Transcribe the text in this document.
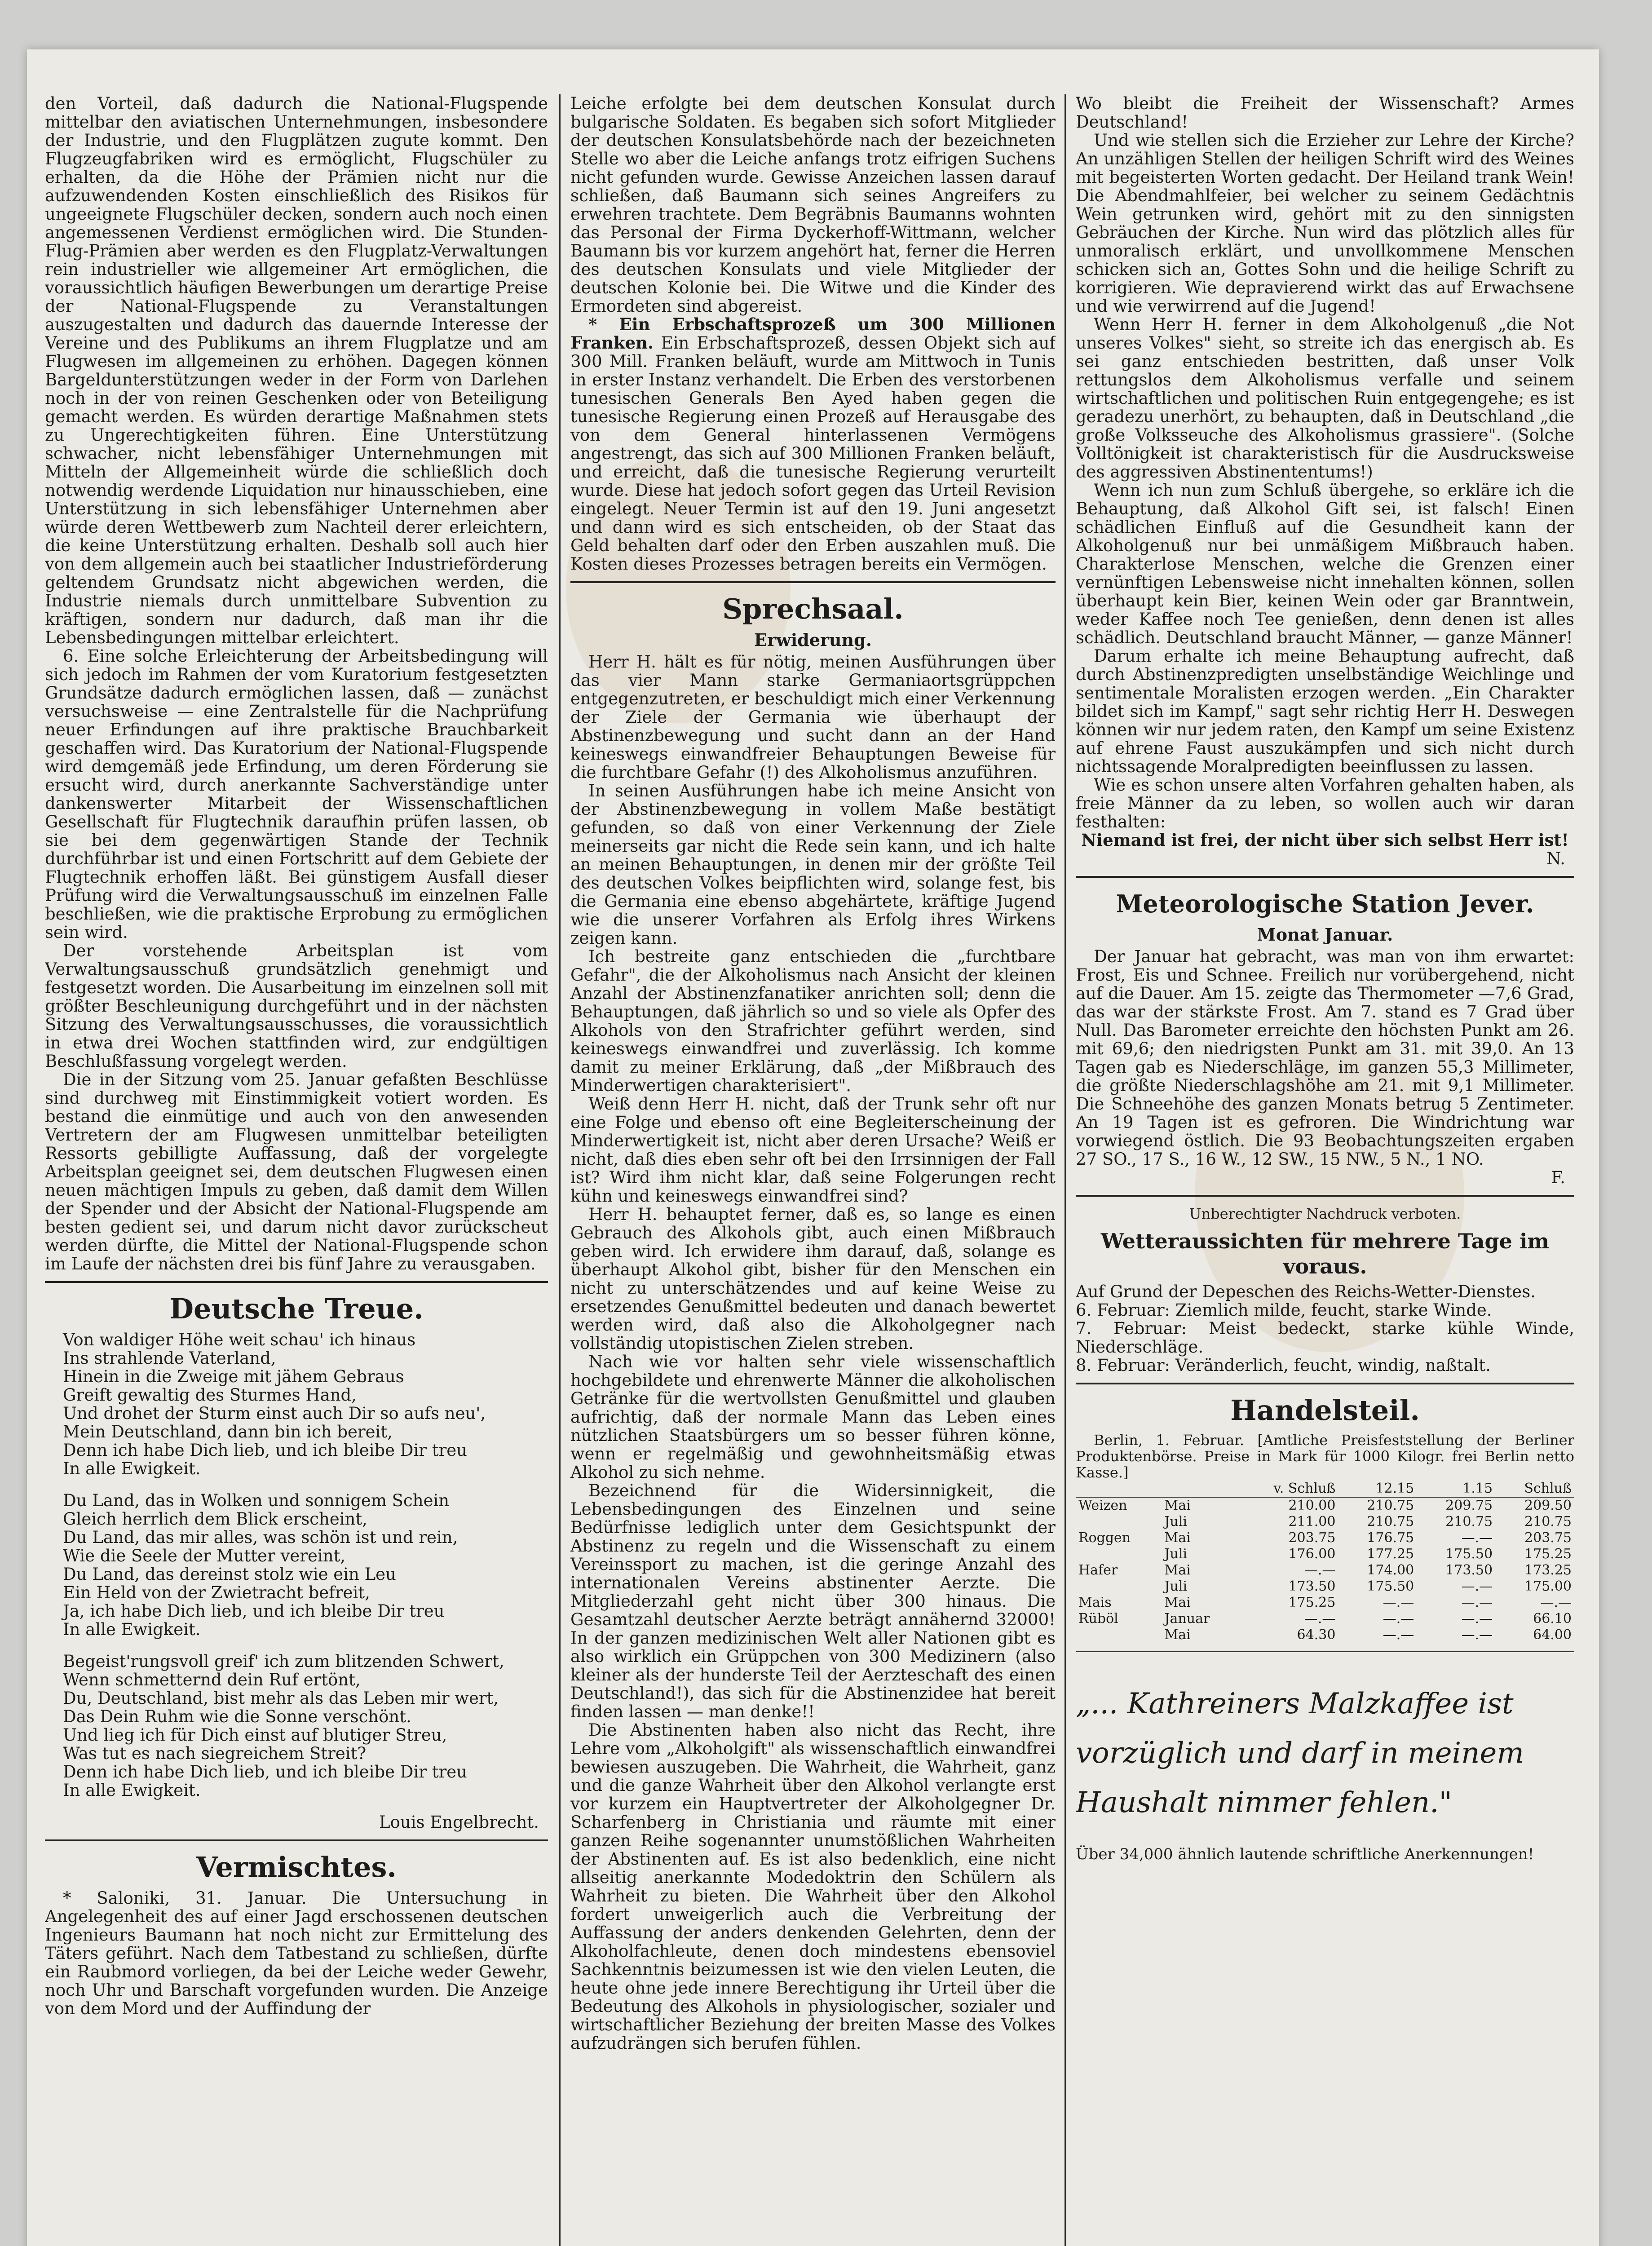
den Vorteil, daß dadurch die National-Flugspende mittelbar den aviatischen Unternehmungen, insbesondere der Industrie, und den Flugplätzen zugute kommt. Den Flugzeugfabriken wird es ermöglicht, Flugschüler zu erhalten, da die Höhe der Prämien nicht nur die aufzuwendenden Kosten einschließlich des Risikos für ungeeignete Flugschüler decken, sondern auch noch einen angemessenen Verdienst ermöglichen wird. Die Stunden-Flug-Prämien aber werden es den Flugplatz-Verwaltungen rein industrieller wie allgemeiner Art ermöglichen, die voraussichtlich häufigen Bewerbungen um derartige Preise der National-Flugspende zu Veranstaltungen auszugestalten und dadurch das dauernde Interesse der Vereine und des Publikums an ihrem Flugplatze und am Flugwesen im allgemeinen zu erhöhen. Dagegen können Bargeldunterstützungen weder in der Form von Darlehen noch in der von reinen Geschenken oder von Beteiligung gemacht werden. Es würden derartige Maßnahmen stets zu Ungerechtigkeiten führen. Eine Unterstützung schwacher, nicht lebensfähiger Unternehmungen mit Mitteln der Allgemeinheit würde die schließlich doch notwendig werdende Liquidation nur hinausschieben, eine Unterstützung in sich lebensfähiger Unternehmen aber würde deren Wettbewerb zum Nachteil derer erleichtern, die keine Unterstützung erhalten. Deshalb soll auch hier von dem allgemein auch bei staatlicher Industrieförderung geltendem Grundsatz nicht abgewichen werden, die Industrie niemals durch unmittelbare Subvention zu kräftigen, sondern nur dadurch, daß man ihr die Lebensbedingungen mittelbar erleichtert.

6. Eine solche Erleichterung der Arbeitsbedingung will sich jedoch im Rahmen der vom Kuratorium festgesetzten Grundsätze dadurch ermöglichen lassen, daß — zunächst versuchsweise — eine Zentralstelle für die Nachprüfung neuer Erfindungen auf ihre praktische Brauchbarkeit geschaffen wird. Das Kuratorium der National-Flugspende wird demgemäß jede Erfindung, um deren Förderung sie ersucht wird, durch anerkannte Sachverständige unter dankenswerter Mitarbeit der Wissenschaftlichen Gesellschaft für Flugtechnik daraufhin prüfen lassen, ob sie bei dem gegenwärtigen Stande der Technik durchführbar ist und einen Fortschritt auf dem Gebiete der Flugtechnik erhoffen läßt. Bei günstigem Ausfall dieser Prüfung wird die Verwaltungsausschuß im einzelnen Falle beschließen, wie die praktische Erprobung zu ermöglichen sein wird.

Der vorstehende Arbeitsplan ist vom Verwaltungsausschuß grundsätzlich genehmigt und festgesetzt worden. Die Ausarbeitung im einzelnen soll mit größter Beschleunigung durchgeführt und in der nächsten Sitzung des Verwaltungsausschusses, die voraussichtlich in etwa drei Wochen stattfinden wird, zur endgültigen Beschlußfassung vorgelegt werden.

Die in der Sitzung vom 25. Januar gefaßten Beschlüsse sind durchweg mit Einstimmigkeit votiert worden. Es bestand die einmütige und auch von den anwesenden Vertretern der am Flugwesen unmittelbar beteiligten Ressorts gebilligte Auffassung, daß der vorgelegte Arbeitsplan geeignet sei, dem deutschen Flugwesen einen neuen mächtigen Impuls zu geben, daß damit dem Willen der Spender und der Absicht der National-Flugspende am besten gedient sei, und darum nicht davor zurückscheut werden dürfte, die Mittel der National-Flugspende schon im Laufe der nächsten drei bis fünf Jahre zu verausgaben.

Deutsche Treue.
Von waldiger Höhe weit schau' ich hinaus
Ins strahlende Vaterland,
Hinein in die Zweige mit jähem Gebraus
Greift gewaltig des Sturmes Hand,
Und drohet der Sturm einst auch Dir so aufs neu',
Mein Deutschland, dann bin ich bereit,
Denn ich habe Dich lieb, und ich bleibe Dir treu
In alle Ewigkeit.
Du Land, das in Wolken und sonnigem Schein
Gleich herrlich dem Blick erscheint,
Du Land, das mir alles, was schön ist und rein,
Wie die Seele der Mutter vereint,
Du Land, das dereinst stolz wie ein Leu
Ein Held von der Zwietracht befreit,
Ja, ich habe Dich lieb, und ich bleibe Dir treu
In alle Ewigkeit.
Begeist'rungsvoll greif' ich zum blitzenden Schwert,
Wenn schmetternd dein Ruf ertönt,
Du, Deutschland, bist mehr als das Leben mir wert,
Das Dein Ruhm wie die Sonne verschönt.
Und lieg ich für Dich einst auf blutiger Streu,
Was tut es nach siegreichem Streit?
Denn ich habe Dich lieb, und ich bleibe Dir treu
In alle Ewigkeit.
Louis Engelbrecht.
Vermischtes.

* Saloniki, 31. Januar. Die Untersuchung in Angelegenheit des auf einer Jagd erschossenen deutschen Ingenieurs Baumann hat noch nicht zur Ermittelung des Täters geführt. Nach dem Tatbestand zu schließen, dürfte ein Raubmord vorliegen, da bei der Leiche weder Gewehr, noch Uhr und Barschaft vorgefunden wurden. Die Anzeige von dem Mord und der Auffindung der

Leiche erfolgte bei dem deutschen Konsulat durch bulgarische Soldaten. Es begaben sich sofort Mitglieder der deutschen Konsulatsbehörde nach der bezeichneten Stelle wo aber die Leiche anfangs trotz eifrigen Suchens nicht gefunden wurde. Gewisse Anzeichen lassen darauf schließen, daß Baumann sich seines Angreifers zu erwehren trachtete. Dem Begräbnis Baumanns wohnten das Personal der Firma Dyckerhoff-Wittmann, welcher Baumann bis vor kurzem angehört hat, ferner die Herren des deutschen Konsulats und viele Mitglieder der deutschen Kolonie bei. Die Witwe und die Kinder des Ermordeten sind abgereist.

* Ein Erbschaftsprozeß um 300 Millionen Franken. Ein Erbschaftsprozeß, dessen Objekt sich auf 300 Mill. Franken beläuft, wurde am Mittwoch in Tunis in erster Instanz verhandelt. Die Erben des verstorbenen tunesischen Generals Ben Ayed haben gegen die tunesische Regierung einen Prozeß auf Herausgabe des von dem General hinterlassenen Vermögens angestrengt, das sich auf 300 Millionen Franken beläuft, und erreicht, daß die tunesische Regierung verurteilt wurde. Diese hat jedoch sofort gegen das Urteil Revision eingelegt. Neuer Termin ist auf den 19. Juni angesetzt und dann wird es sich entscheiden, ob der Staat das Geld behalten darf oder den Erben auszahlen muß. Die Kosten dieses Prozesses betragen bereits ein Vermögen.

Sprechsaal.
Erwiderung.

Herr H. hält es für nötig, meinen Ausführungen über das vier Mann starke Germaniaortsgrüppchen entgegenzutreten, er beschuldigt mich einer Verkennung der Ziele der Germania wie überhaupt der Abstinenzbewegung und sucht dann an der Hand keineswegs einwandfreier Behauptungen Beweise für die furchtbare Gefahr (!) des Alkoholismus anzuführen.

In seinen Ausführungen habe ich meine Ansicht von der Abstinenzbewegung in vollem Maße bestätigt gefunden, so daß von einer Verkennung der Ziele meinerseits gar nicht die Rede sein kann, und ich halte an meinen Behauptungen, in denen mir der größte Teil des deutschen Volkes beipflichten wird, solange fest, bis die Germania eine ebenso abgehärtete, kräftige Jugend wie die unserer Vorfahren als Erfolg ihres Wirkens zeigen kann.

Ich bestreite ganz entschieden die „furchtbare Gefahr", die der Alkoholismus nach Ansicht der kleinen Anzahl der Abstinenzfanatiker anrichten soll; denn die Behauptungen, daß jährlich so und so viele als Opfer des Alkohols von den Strafrichter geführt werden, sind keineswegs einwandfrei und zuverlässig. Ich komme damit zu meiner Erklärung, daß „der Mißbrauch des Minderwertigen charakterisiert".

Weiß denn Herr H. nicht, daß der Trunk sehr oft nur eine Folge und ebenso oft eine Begleiterscheinung der Minderwertigkeit ist, nicht aber deren Ursache? Weiß er nicht, daß dies eben sehr oft bei den Irrsinnigen der Fall ist? Wird ihm nicht klar, daß seine Folgerungen recht kühn und keineswegs einwandfrei sind?

Herr H. behauptet ferner, daß es, so lange es einen Gebrauch des Alkohols gibt, auch einen Mißbrauch geben wird. Ich erwidere ihm darauf, daß, solange es überhaupt Alkohol gibt, bisher für den Menschen ein nicht zu unterschätzendes und auf keine Weise zu ersetzendes Genußmittel bedeuten und danach bewertet werden wird, daß also die Alkoholgegner nach vollständig utopistischen Zielen streben.

Nach wie vor halten sehr viele wissenschaftlich hochgebildete und ehrenwerte Männer die alkoholischen Getränke für die wertvollsten Genußmittel und glauben aufrichtig, daß der normale Mann das Leben eines nützlichen Staatsbürgers um so besser führen könne, wenn er regelmäßig und gewohnheitsmäßig etwas Alkohol zu sich nehme.

Bezeichnend für die Widersinnigkeit, die Lebensbedingungen des Einzelnen und seine Bedürfnisse lediglich unter dem Gesichtspunkt der Abstinenz zu regeln und die Wissenschaft zu einem Vereinssport zu machen, ist die geringe Anzahl des internationalen Vereins abstinenter Aerzte. Die Mitgliederzahl geht nicht über 300 hinaus. Die Gesamtzahl deutscher Aerzte beträgt annähernd 32000! In der ganzen medizinischen Welt aller Nationen gibt es also wirklich ein Grüppchen von 300 Medizinern (also kleiner als der hunderste Teil der Aerzteschaft des einen Deutschland!), das sich für die Abstinenzidee hat bereit finden lassen — man denke!!

Die Abstinenten haben also nicht das Recht, ihre Lehre vom „Alkoholgift" als wissenschaftlich einwandfrei bewiesen auszugeben. Die Wahrheit, die Wahrheit, ganz und die ganze Wahrheit über den Alkohol verlangte erst vor kurzem ein Hauptvertreter der Alkoholgegner Dr. Scharfenberg in Christiania und räumte mit einer ganzen Reihe sogenannter unumstößlichen Wahrheiten der Abstinenten auf. Es ist also bedenklich, eine nicht allseitig anerkannte Modedoktrin den Schülern als Wahrheit zu bieten. Die Wahrheit über den Alkohol fordert unweigerlich auch die Verbreitung der Auffassung der anders denkenden Gelehrten, denn der Alkoholfachleute, denen doch mindestens ebensoviel Sachkenntnis beizumessen ist wie den vielen Leuten, die heute ohne jede innere Berechtigung ihr Urteil über die Bedeutung des Alkohols in physiologischer, sozialer und wirtschaftlicher Beziehung der breiten Masse des Volkes aufzudrängen sich berufen fühlen.

Wo bleibt die Freiheit der Wissenschaft? Armes Deutschland!

Und wie stellen sich die Erzieher zur Lehre der Kirche? An unzähligen Stellen der heiligen Schrift wird des Weines mit begeisterten Worten gedacht. Der Heiland trank Wein! Die Abendmahlfeier, bei welcher zu seinem Gedächtnis Wein getrunken wird, gehört mit zu den sinnigsten Gebräuchen der Kirche. Nun wird das plötzlich alles für unmoralisch erklärt, und unvollkommene Menschen schicken sich an, Gottes Sohn und die heilige Schrift zu korrigieren. Wie depravierend wirkt das auf Erwachsene und wie verwirrend auf die Jugend!

Wenn Herr H. ferner in dem Alkoholgenuß „die Not unseres Volkes" sieht, so streite ich das energisch ab. Es sei ganz entschieden bestritten, daß unser Volk rettungslos dem Alkoholismus verfalle und seinem wirtschaftlichen und politischen Ruin entgegengehe; es ist geradezu unerhört, zu behaupten, daß in Deutschland „die große Volksseuche des Alkoholismus grassiere". (Solche Volltönigkeit ist charakteristisch für die Ausdrucksweise des aggressiven Abstinententums!)

Wenn ich nun zum Schluß übergehe, so erkläre ich die Behauptung, daß Alkohol Gift sei, ist falsch! Einen schädlichen Einfluß auf die Gesundheit kann der Alkoholgenuß nur bei unmäßigem Mißbrauch haben. Charakterlose Menschen, welche die Grenzen einer vernünftigen Lebensweise nicht innehalten können, sollen überhaupt kein Bier, keinen Wein oder gar Branntwein, weder Kaffee noch Tee genießen, denn denen ist alles schädlich. Deutschland braucht Männer, — ganze Männer!

Darum erhalte ich meine Behauptung aufrecht, daß durch Abstinenzpredigten unselbständige Weichlinge und sentimentale Moralisten erzogen werden. „Ein Charakter bildet sich im Kampf," sagt sehr richtig Herr H. Deswegen können wir nur jedem raten, den Kampf um seine Existenz auf ehrene Faust auszukämpfen und sich nicht durch nichtssagende Moralpredigten beeinflussen zu lassen.

Wie es schon unsere alten Vorfahren gehalten haben, als freie Männer da zu leben, so wollen auch wir daran festhalten:

Niemand ist frei, der nicht über sich selbst Herr ist!

N.
Meteorologische Station Jever.
Monat Januar.

Der Januar hat gebracht, was man von ihm erwartet: Frost, Eis und Schnee. Freilich nur vorübergehend, nicht auf die Dauer. Am 15. zeigte das Thermometer —7,6 Grad, das war der stärkste Frost. Am 7. stand es 7 Grad über Null. Das Barometer erreichte den höchsten Punkt am 26. mit 69,6; den niedrigsten Punkt am 31. mit 39,0. An 13 Tagen gab es Niederschläge, im ganzen 55,3 Millimeter, die größte Niederschlagshöhe am 21. mit 9,1 Millimeter. Die Schneehöhe des ganzen Monats betrug 5 Zentimeter. An 19 Tagen ist es gefroren. Die Windrichtung war vorwiegend östlich. Die 93 Beobachtungszeiten ergaben 27 SO., 17 S., 16 W., 12 SW., 15 NW., 5 N., 1 NO.

F.
Unberechtigter Nachdruck verboten.
Wetteraussichten für mehrere Tage im voraus.

Auf Grund der Depeschen des Reichs-Wetter-Dienstes.

6. Februar: Ziemlich milde, feucht, starke Winde.

7. Februar: Meist bedeckt, starke kühle Winde, Niederschläge.

8. Februar: Veränderlich, feucht, windig, naßtalt.

Handelsteil.

Berlin, 1. Februar. [Amtliche Preisfeststellung der Berliner Produktenbörse. Preise in Mark für 1000 Kilogr. frei Berlin netto Kasse.]

		v. Schluß	12.15	1.15	Schluß
Weizen	Mai	210.00	210.75	209.75	209.50
	Juli	211.00	210.75	210.75	210.75
Roggen	Mai	203.75	176.75	—.—	203.75
	Juli	176.00	177.25	175.50	175.25
Hafer	Mai	—.—	174.00	173.50	173.25
	Juli	173.50	175.50	—.—	175.00
Mais	Mai	175.25	—.—	—.—	—.—
Rüböl	Januar	—.—	—.—	—.—	66.10
	Mai	64.30	—.—	—.—	64.00
„... Kathreiners Malzkaffee ist vorzüglich und darf in meinem Haushalt nimmer fehlen."
Über 34,000 ähnlich lautende schriftliche Anerkennungen!
